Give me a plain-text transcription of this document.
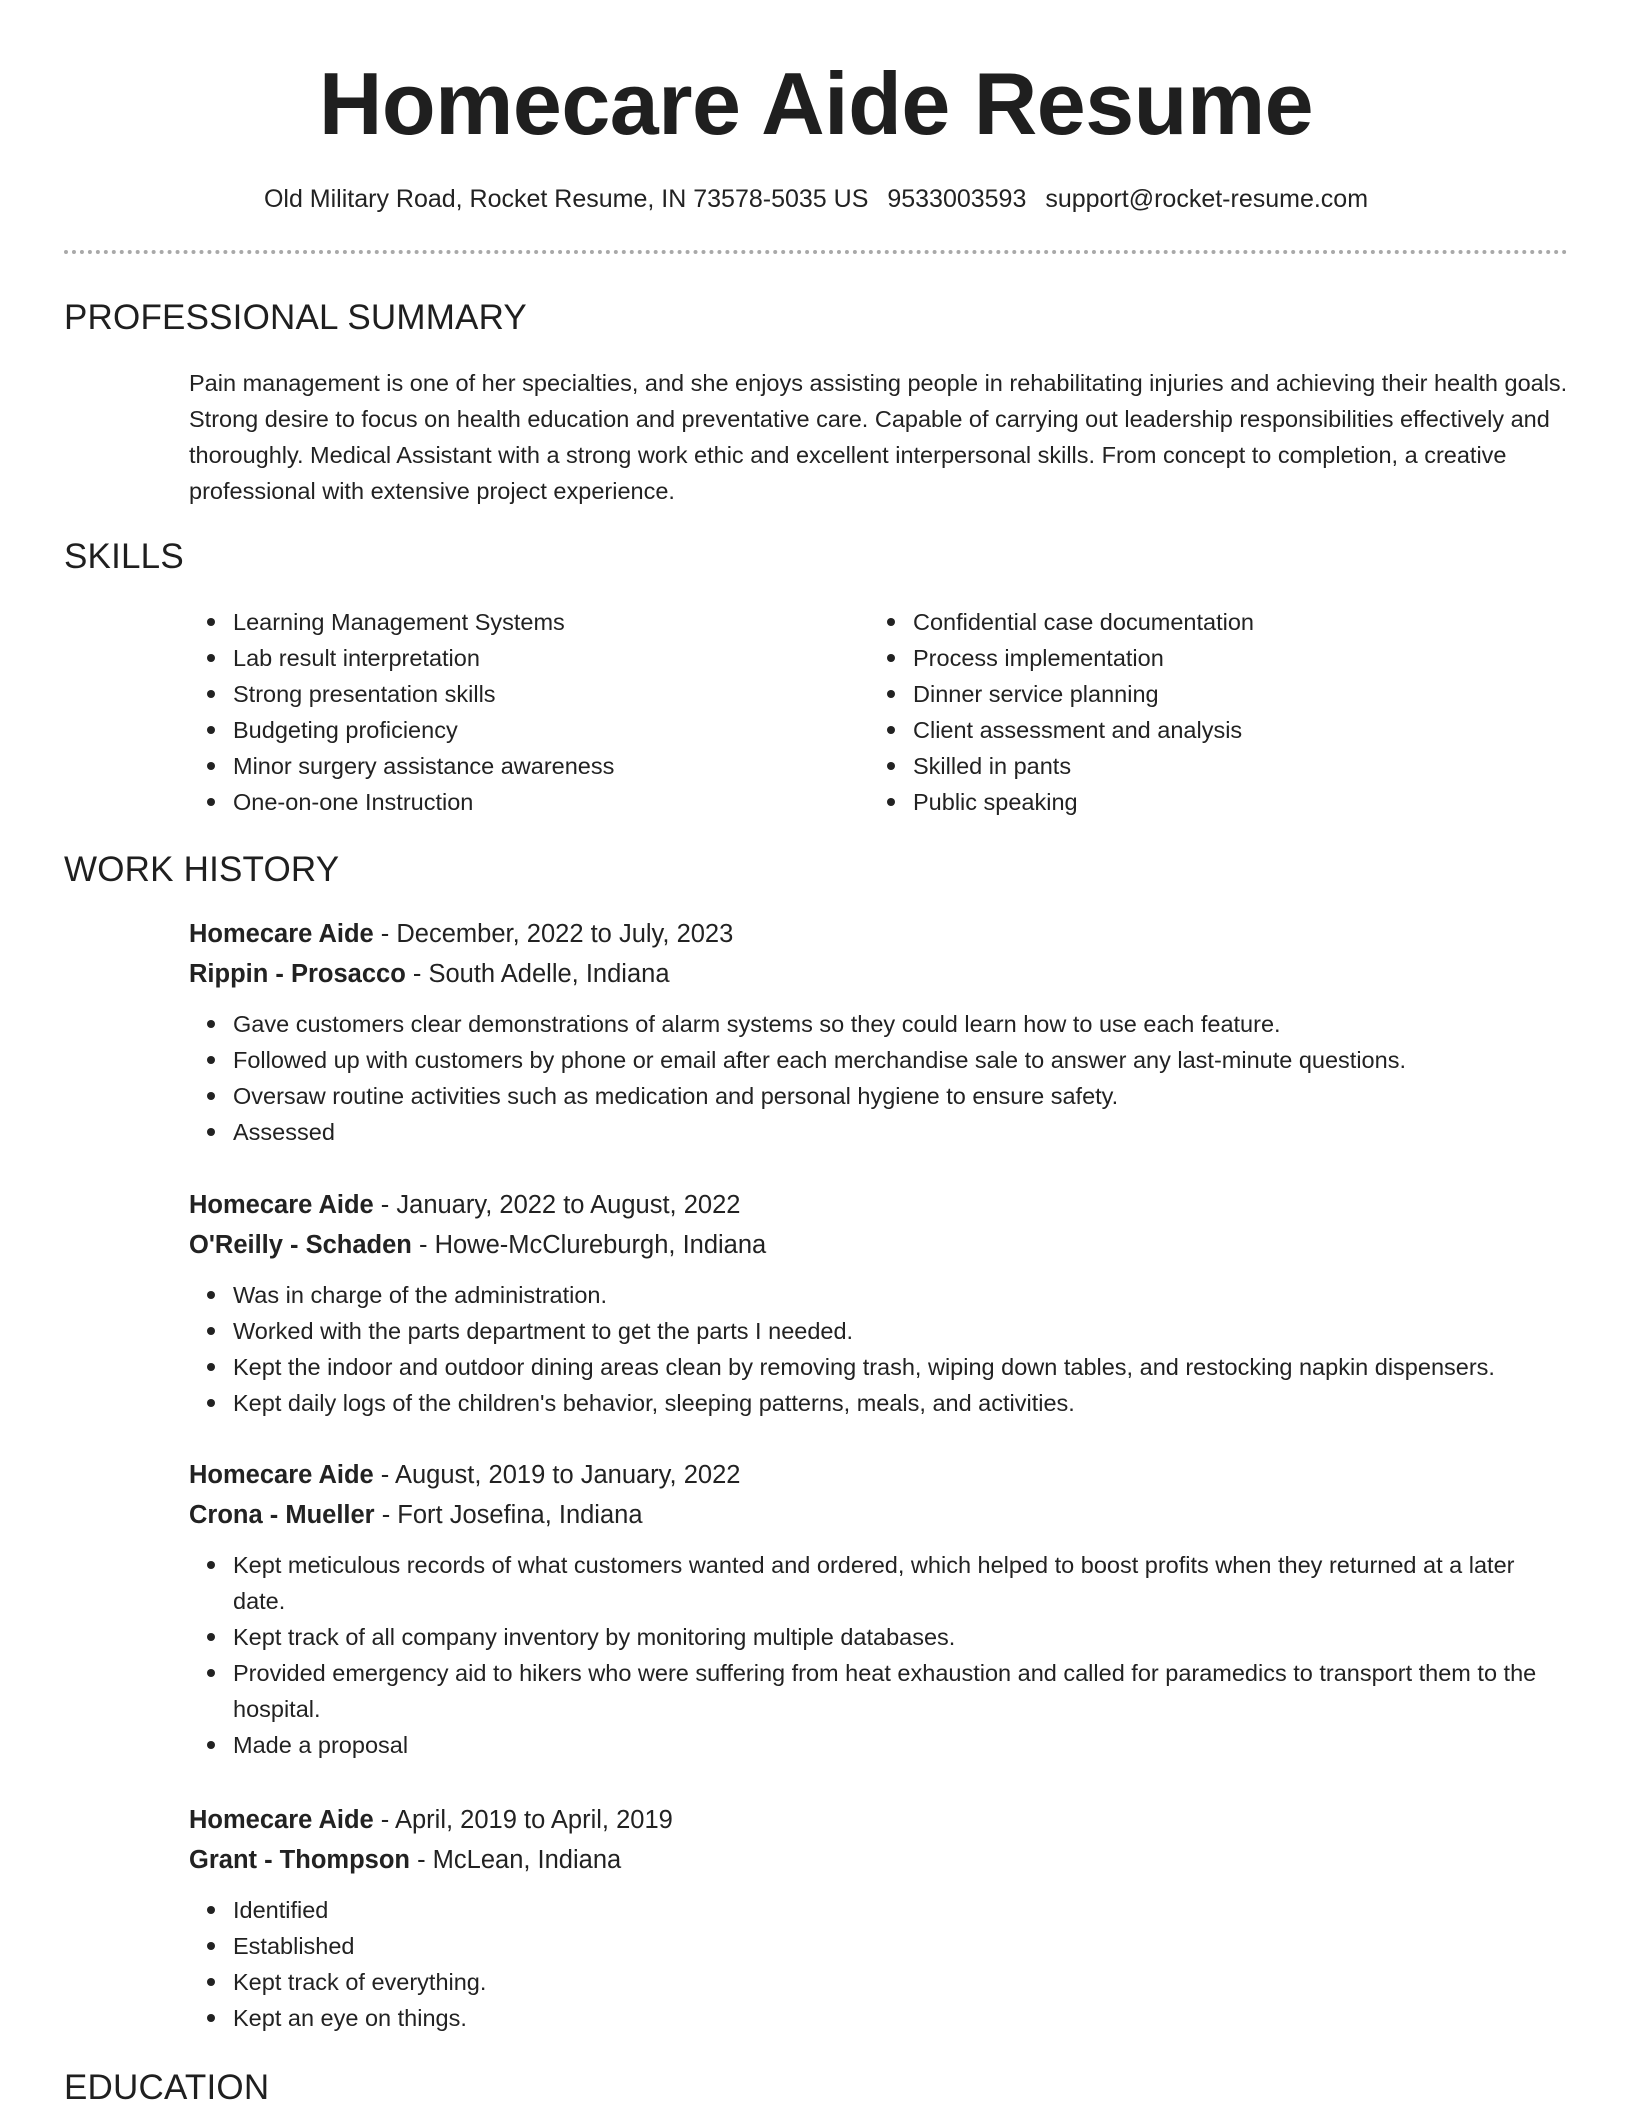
Homecare Aide Resume
Old Military Road, Rocket Resume, IN 73578-5035 US 9533003593 support@rocket-resume.com
PROFESSIONAL SUMMARY

Pain management is one of her specialties, and she enjoys assisting people in rehabilitating injuries and achieving their health goals. Strong desire to focus on health education and preventative care. Capable of carrying out leadership responsibilities effectively and thoroughly. Medical Assistant with a strong work ethic and excellent interpersonal skills. From concept to completion, a creative professional with extensive project experience.

SKILLS
Learning Management Systems
Lab result interpretation
Strong presentation skills
Budgeting proficiency
Minor surgery assistance awareness
One-on-one Instruction
Confidential case documentation
Process implementation
Dinner service planning
Client assessment and analysis
Skilled in pants
Public speaking
WORK HISTORY
Homecare Aide - December, 2022 to July, 2023
Rippin - Prosacco - South Adelle, Indiana
Gave customers clear demonstrations of alarm systems so they could learn how to use each feature.
Followed up with customers by phone or email after each merchandise sale to answer any last-minute questions.
Oversaw routine activities such as medication and personal hygiene to ensure safety.
Assessed
Homecare Aide - January, 2022 to August, 2022
O'Reilly - Schaden - Howe-McClureburgh, Indiana
Was in charge of the administration.
Worked with the parts department to get the parts I needed.
Kept the indoor and outdoor dining areas clean by removing trash, wiping down tables, and restocking napkin dispensers.
Kept daily logs of the children's behavior, sleeping patterns, meals, and activities.
Homecare Aide - August, 2019 to January, 2022
Crona - Mueller - Fort Josefina, Indiana
Kept meticulous records of what customers wanted and ordered, which helped to boost profits when they returned at a later date.
Kept track of all company inventory by monitoring multiple databases.
Provided emergency aid to hikers who were suffering from heat exhaustion and called for paramedics to transport them to the hospital.
Made a proposal
Homecare Aide - April, 2019 to April, 2019
Grant - Thompson - McLean, Indiana
Identified
Established
Kept track of everything.
Kept an eye on things.
EDUCATION
